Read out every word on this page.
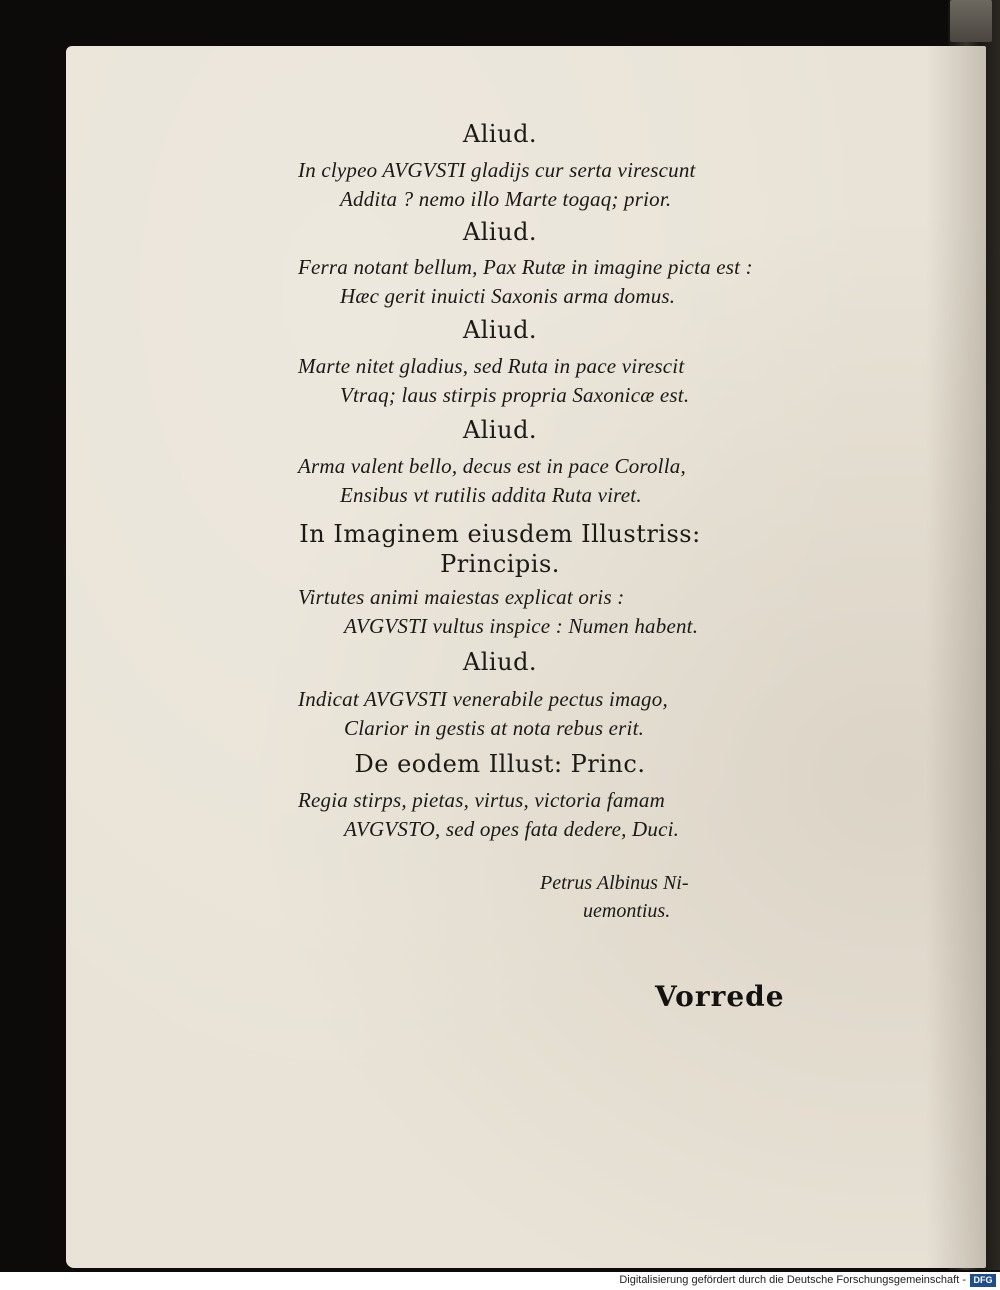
Aliud.
Aliud.
Aliud.
Aliud.
In Imaginem eiusdem Illustriss:
Principis.
Aliud.
De eodem Illust: Princ.
In clypeo AVGVSTI gladijs cur serta virescunt
Addita ? nemo illo Marte togaq; prior.
Ferra notant bellum, Pax Rutæ in imagine picta est :
Hæc gerit inuicti Saxonis arma domus.
Marte nitet gladius, sed Ruta in pace virescit
Vtraq; laus stirpis propria Saxonicæ est.
Arma valent bello, decus est in pace Corolla,
Ensibus vt rutilis addita Ruta viret.
Virtutes animi maiestas explicat oris :
AVGVSTI vultus inspice : Numen habent.
Indicat AVGVSTI venerabile pectus imago,
Clarior in gestis at nota rebus erit.
Regia stirps, pietas, virtus, victoria famam
AVGVSTO, sed opes fata dedere, Duci.
Petrus Albinus Ni-
uemontius.
Vorrede
Digitalisierung gefördert durch die Deutsche Forschungsgemeinschaft - DFG
